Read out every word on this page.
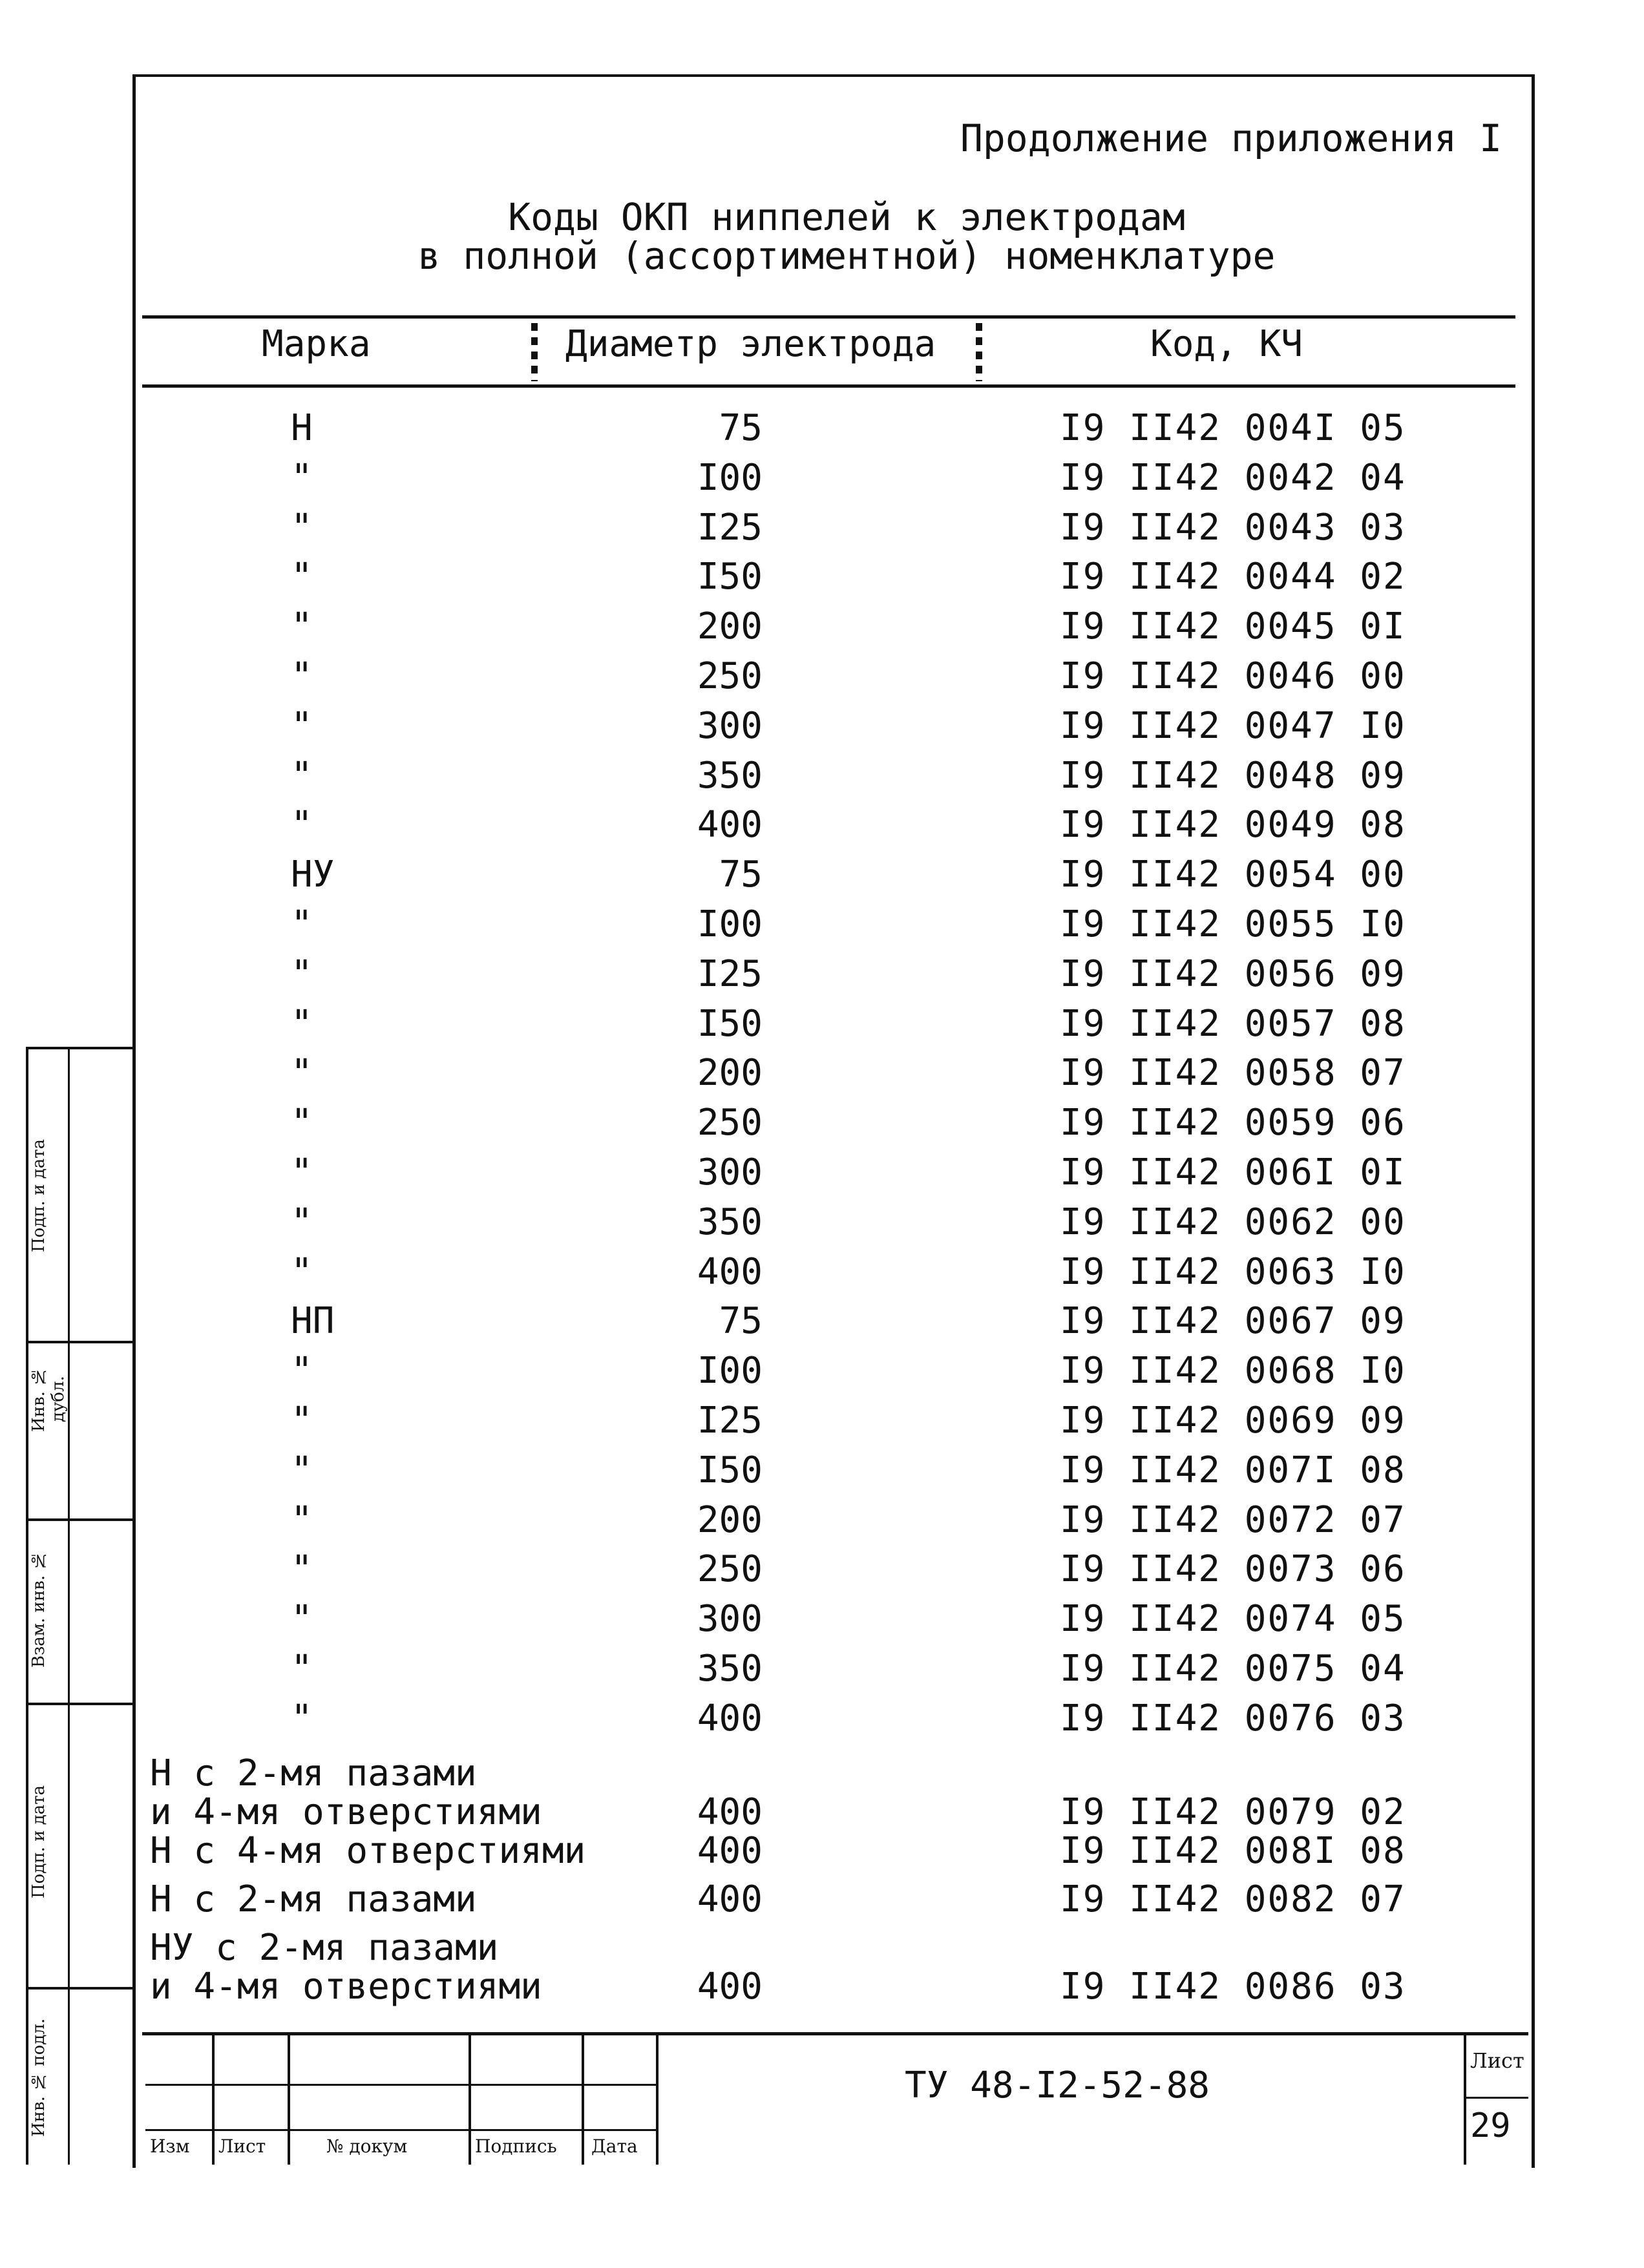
Продолжение приложения I
Коды ОКП ниппелей к электродам
в полной (ассортиментной) номенклатуре
Марка	Диаметр электрода	Код, КЧ
Н	75	I9 II42 004I 05
"	I00	I9 II42 0042 04
"	I25	I9 II42 0043 03
"	I50	I9 II42 0044 02
"	200	I9 II42 0045 0I
"	250	I9 II42 0046 00
"	300	I9 II42 0047 I0
"	350	I9 II42 0048 09
"	400	I9 II42 0049 08
НУ	75	I9 II42 0054 00
"	I00	I9 II42 0055 I0
"	I25	I9 II42 0056 09
"	I50	I9 II42 0057 08
"	200	I9 II42 0058 07
"	250	I9 II42 0059 06
"	300	I9 II42 006I 0I
"	350	I9 II42 0062 00
"	400	I9 II42 0063 I0
НП	75	I9 II42 0067 09
"	I00	I9 II42 0068 I0
"	I25	I9 II42 0069 09
"	I50	I9 II42 007I 08
"	200	I9 II42 0072 07
"	250	I9 II42 0073 06
"	300	I9 II42 0074 05
"	350	I9 II42 0075 04
"	400	I9 II42 0076 03
Н с 2-мя пазами
и 4-мя отверстиями	400	I9 II42 0079 02
Н с 4-мя отверстиями	400	I9 II42 008I 08
Н с 2-мя пазами	400	I9 II42 0082 07
НУ с 2-мя пазами
и 4-мя отверстиями	400	I9 II42 0086 03
Подп. и дата
Инв. № дубл.
Взам. инв. №
Подп. и дата
Инв. № подл.
Изм Лист	№ докум	Подпись Дата
ТУ 48-I2-52-88
Лист
29
